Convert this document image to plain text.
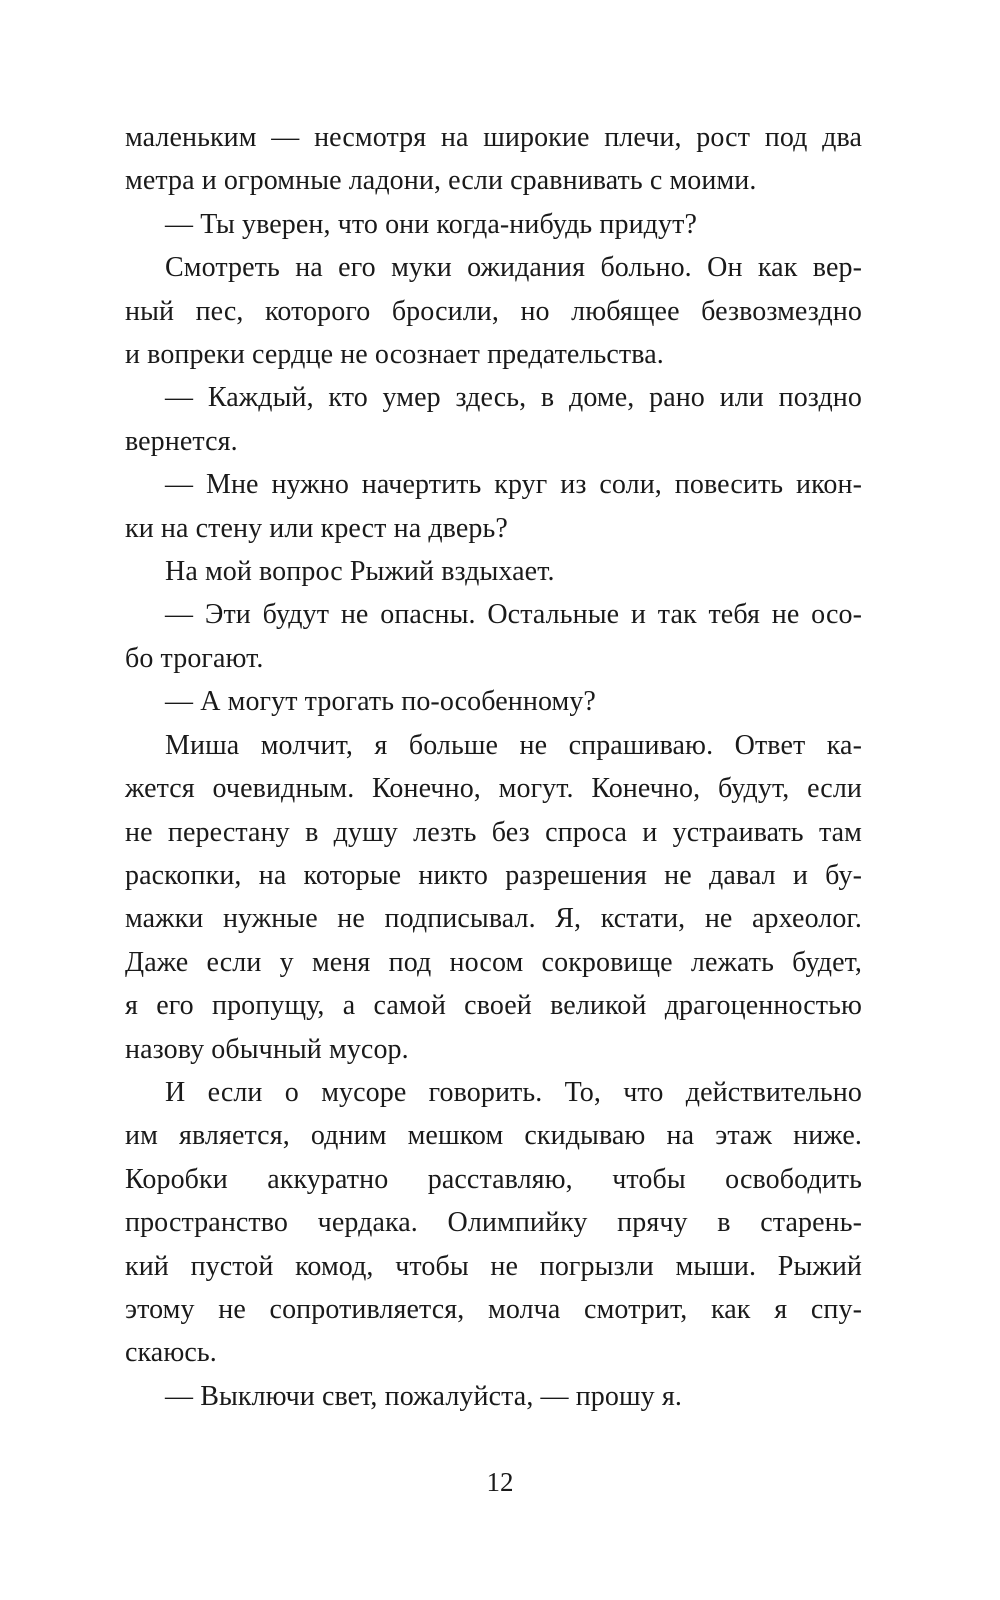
маленьким — несмотря на широкие плечи, рост под два
метра и огромные ладони, если сравнивать с моими.
— Ты уверен, что они когда-нибудь придут?
Смотреть на его муки ожидания больно. Он как вер-
ный пес, которого бросили, но любящее безвозмездно
и вопреки сердце не осознает предательства.
— Каждый, кто умер здесь, в доме, рано или поздно
вернется.
— Мне нужно начертить круг из соли, повесить икон-
ки на стену или крест на дверь?
На мой вопрос Рыжий вздыхает.
— Эти будут не опасны. Остальные и так тебя не осо-
бо трогают.
— А могут трогать по-особенному?
Миша молчит, я больше не спрашиваю. Ответ ка-
жется очевидным. Конечно, могут. Конечно, будут, если
не перестану в душу лезть без спроса и устраивать там
раскопки, на которые никто разрешения не давал и бу-
мажки нужные не подписывал. Я, кстати, не археолог.
Даже если у меня под носом сокровище лежать будет,
я его пропущу, а самой своей великой драгоценностью
назову обычный мусор.
И если о мусоре говорить. То, что действительно
им является, одним мешком скидываю на этаж ниже.
Коробки аккуратно расставляю, чтобы освободить
пространство чердака. Олимпийку прячу в старень-
кий пустой комод, чтобы не погрызли мыши. Рыжий
этому не сопротивляется, молча смотрит, как я спу-
скаюсь.
— Выключи свет, пожалуйста, — прошу я.
12
